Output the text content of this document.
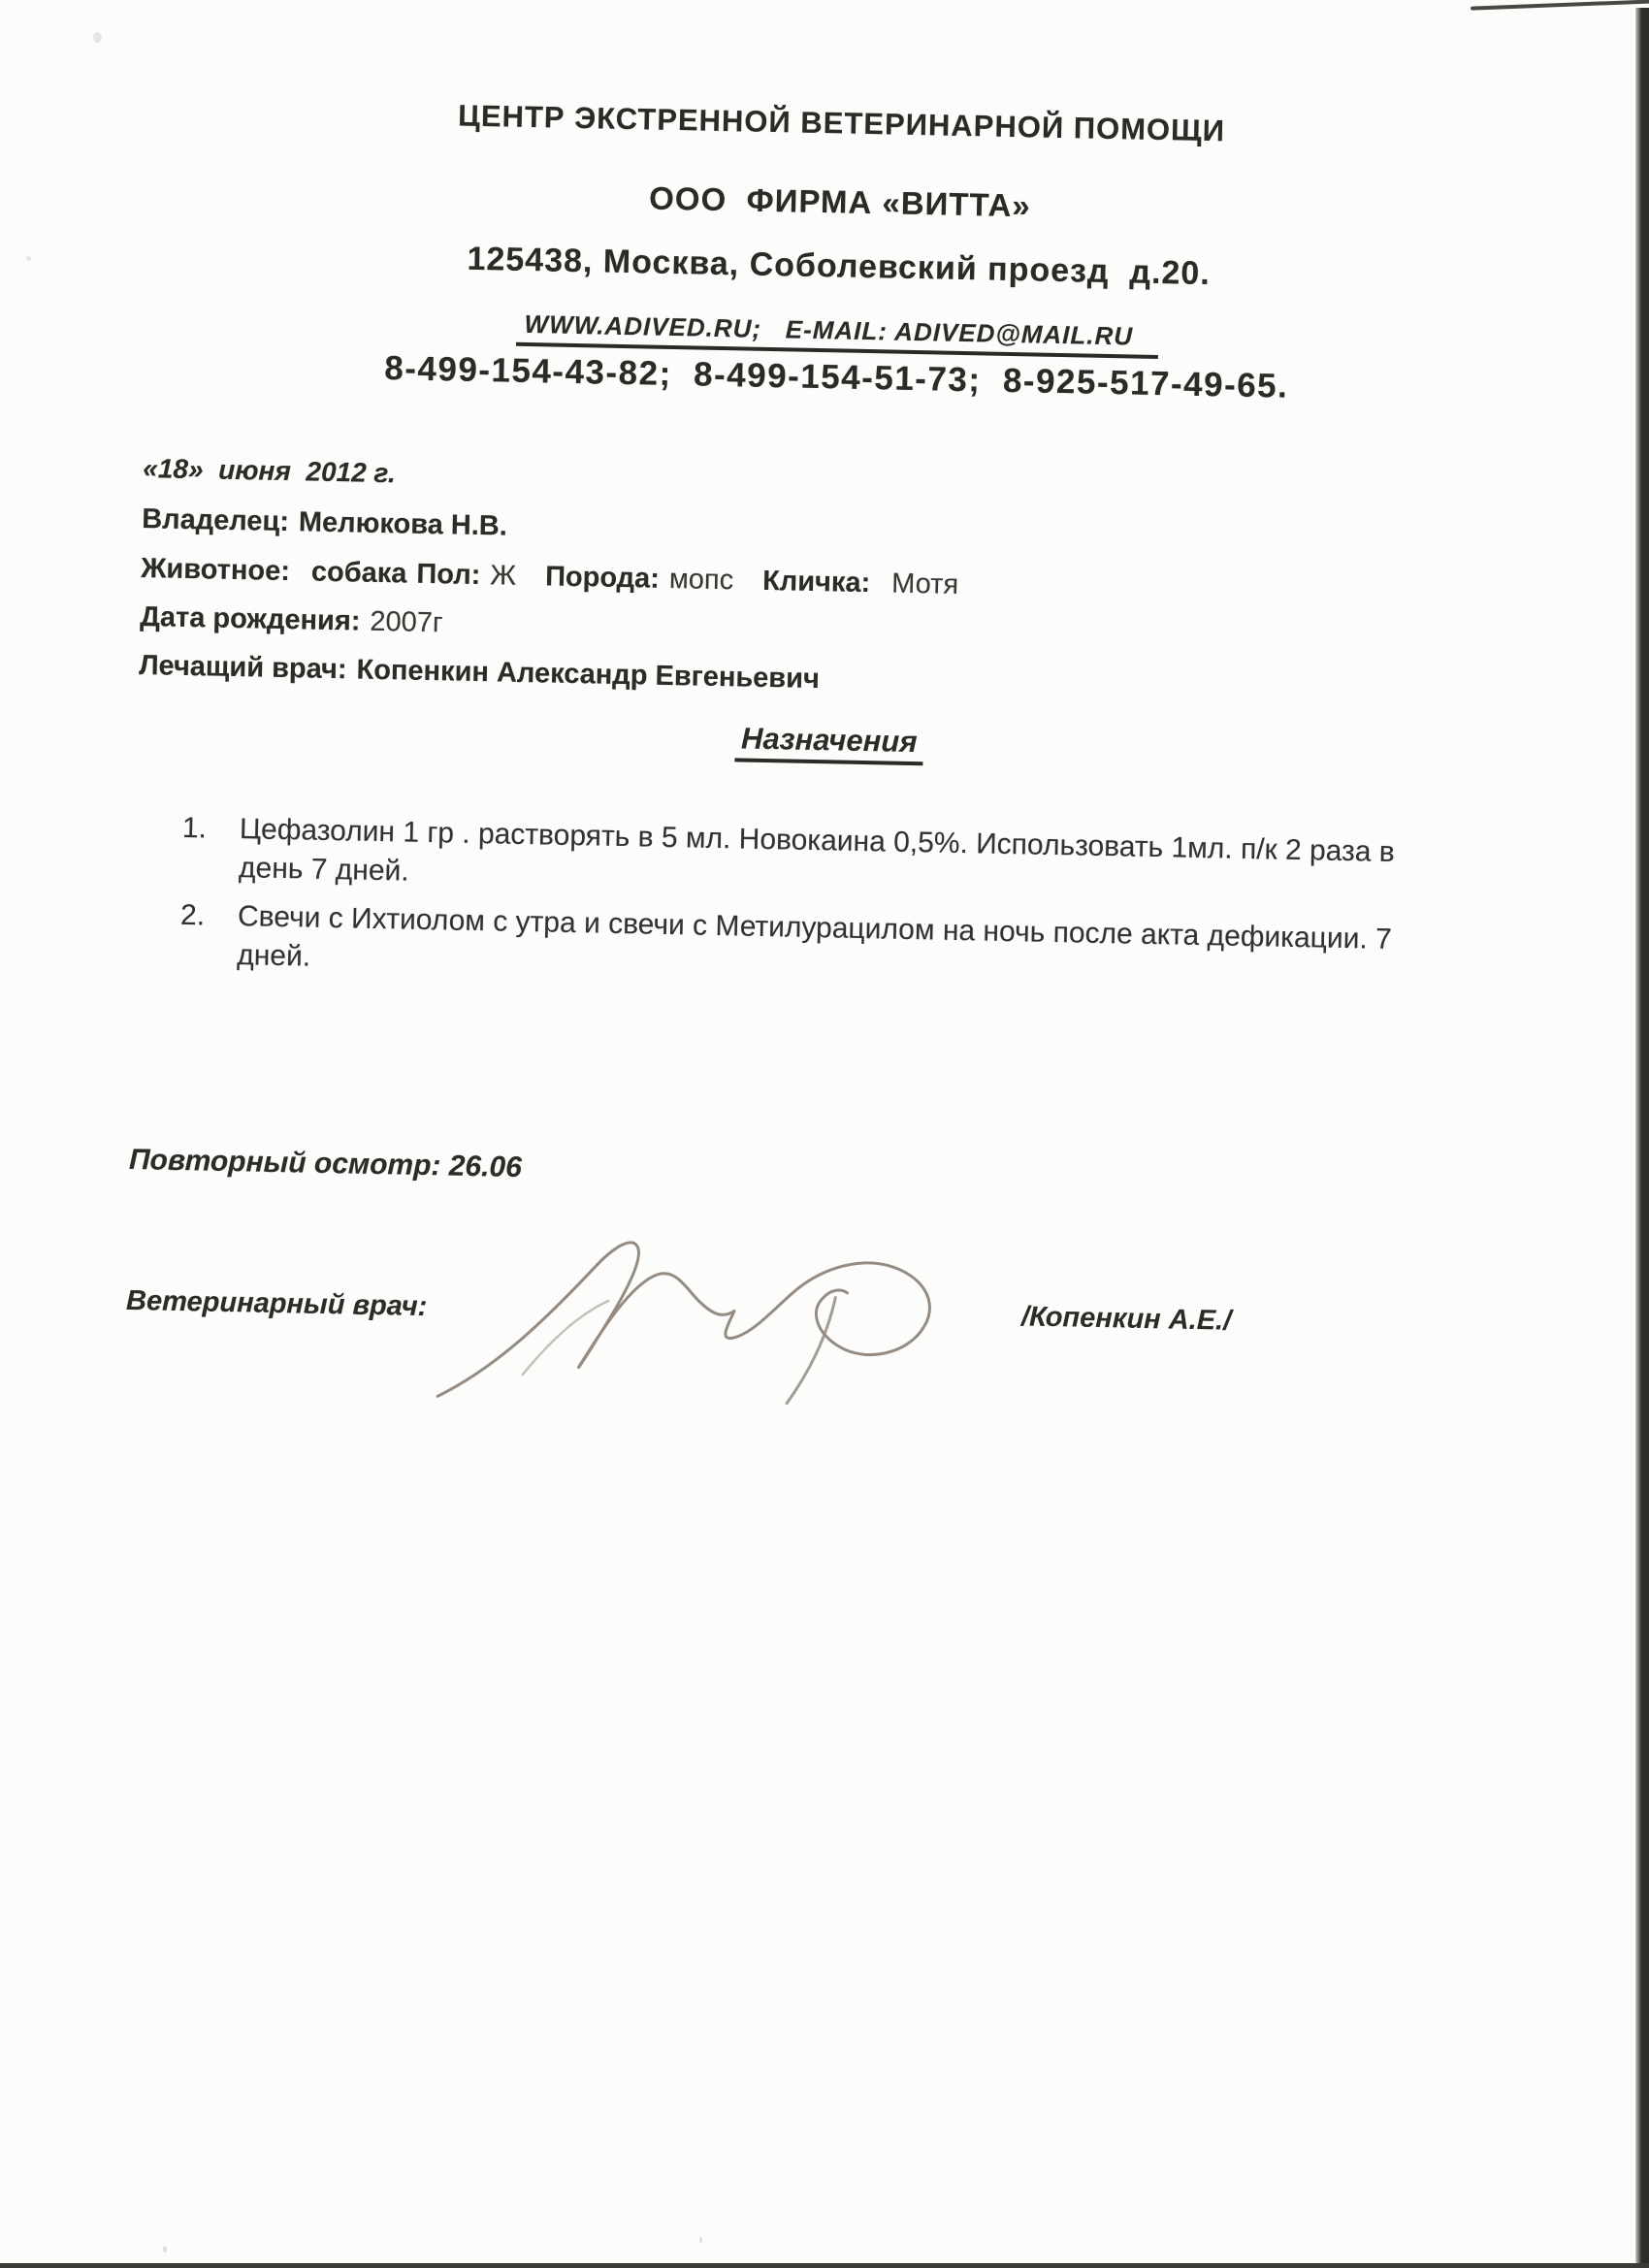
ЦЕНТР ЭКСТРЕННОЙ ВЕТЕРИНАРНОЙ ПОМОЩИ
ООО  ФИРМА «ВИТТА»
125438, Москва, Соболевский проезд  д.20.
WWW.ADIVED.RU;   E-MAIL: ADIVED@MAIL.RU
8-499-154-43-82;  8-499-154-51-73;  8-925-517-49-65.
«18»  июня  2012 г.
Владелец: Мелюкова Н.В.
Животное: собака Пол: Ж Порода: мопс Кличка: Мотя
Дата рождения: 2007г
Лечащий врач: Копенкин Александр Евгеньевич
Назначения
1.	Цефазолин 1 гр . растворять в 5 мл. Новокаина 0,5%. Использовать 1мл. п/к 2 раза в день 7 дней.
2.	Свечи с Ихтиолом с утра и свечи с Метилурацилом на ночь после акта дефикации. 7 дней.
Повторный осмотр: 26.06
Ветеринарный врач:	/Копенкин А.Е./
